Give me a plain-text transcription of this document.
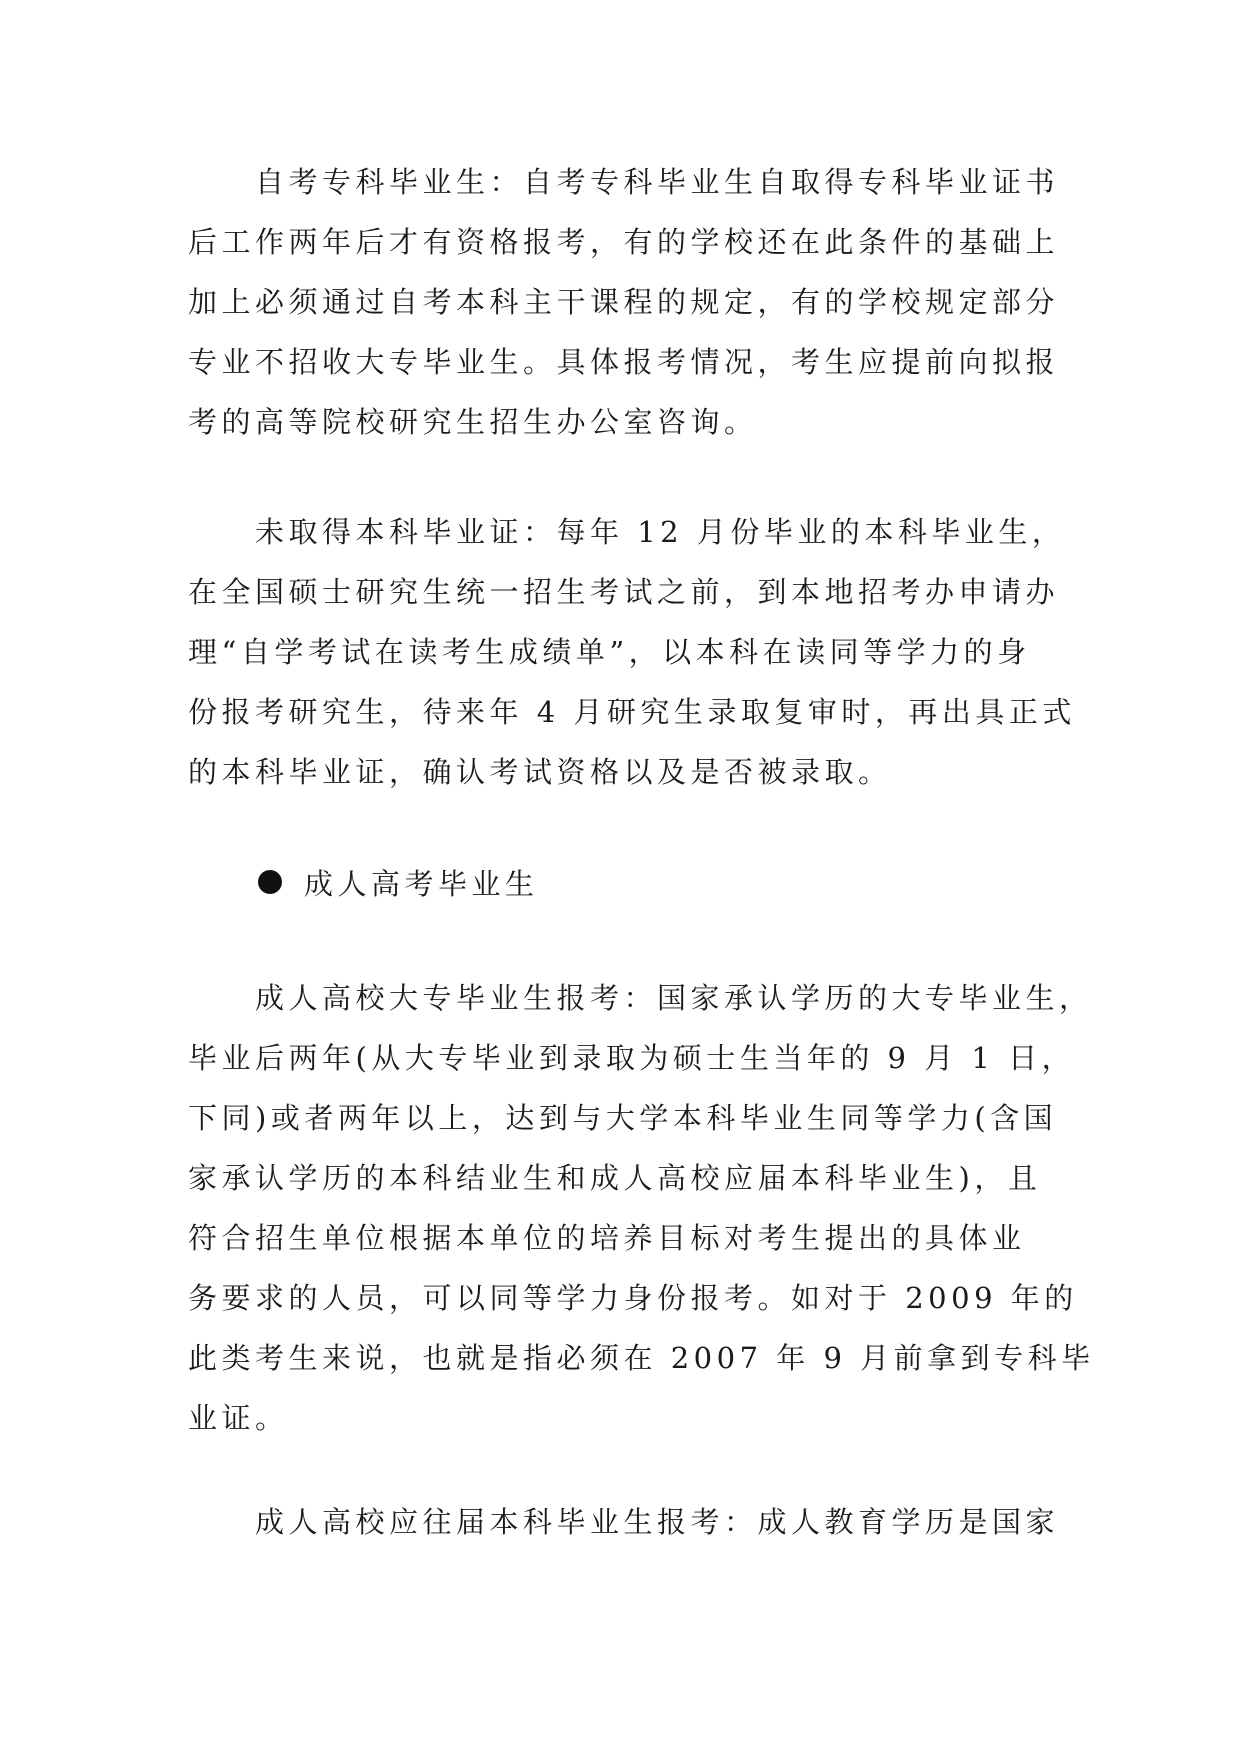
　　自考专科毕业生：自考专科毕业生自取得专科毕业证书
后工作两年后才有资格报考，有的学校还在此条件的基础上
加上必须通过自考本科主干课程的规定，有的学校规定部分
专业不招收大专毕业生。具体报考情况，考生应提前向拟报
考的高等院校研究生招生办公室咨询。
　　未取得本科毕业证：每年 12 月份毕业的本科毕业生，
在全国硕士研究生统一招生考试之前，到本地招考办申请办
理“自学考试在读考生成绩单”，以本科在读同等学力的身
份报考研究生，待来年 4 月研究生录取复审时，再出具正式
的本科毕业证，确认考试资格以及是否被录取。
成人高考毕业生
　　成人高校大专毕业生报考：国家承认学历的大专毕业生，
毕业后两年(从大专毕业到录取为硕士生当年的 9 月 1 日，
下同)或者两年以上，达到与大学本科毕业生同等学力(含国
家承认学历的本科结业生和成人高校应届本科毕业生)，且
符合招生单位根据本单位的培养目标对考生提出的具体业
务要求的人员，可以同等学力身份报考。如对于 2009 年的
此类考生来说，也就是指必须在 2007 年 9 月前拿到专科毕
业证。
　　成人高校应往届本科毕业生报考：成人教育学历是国家
